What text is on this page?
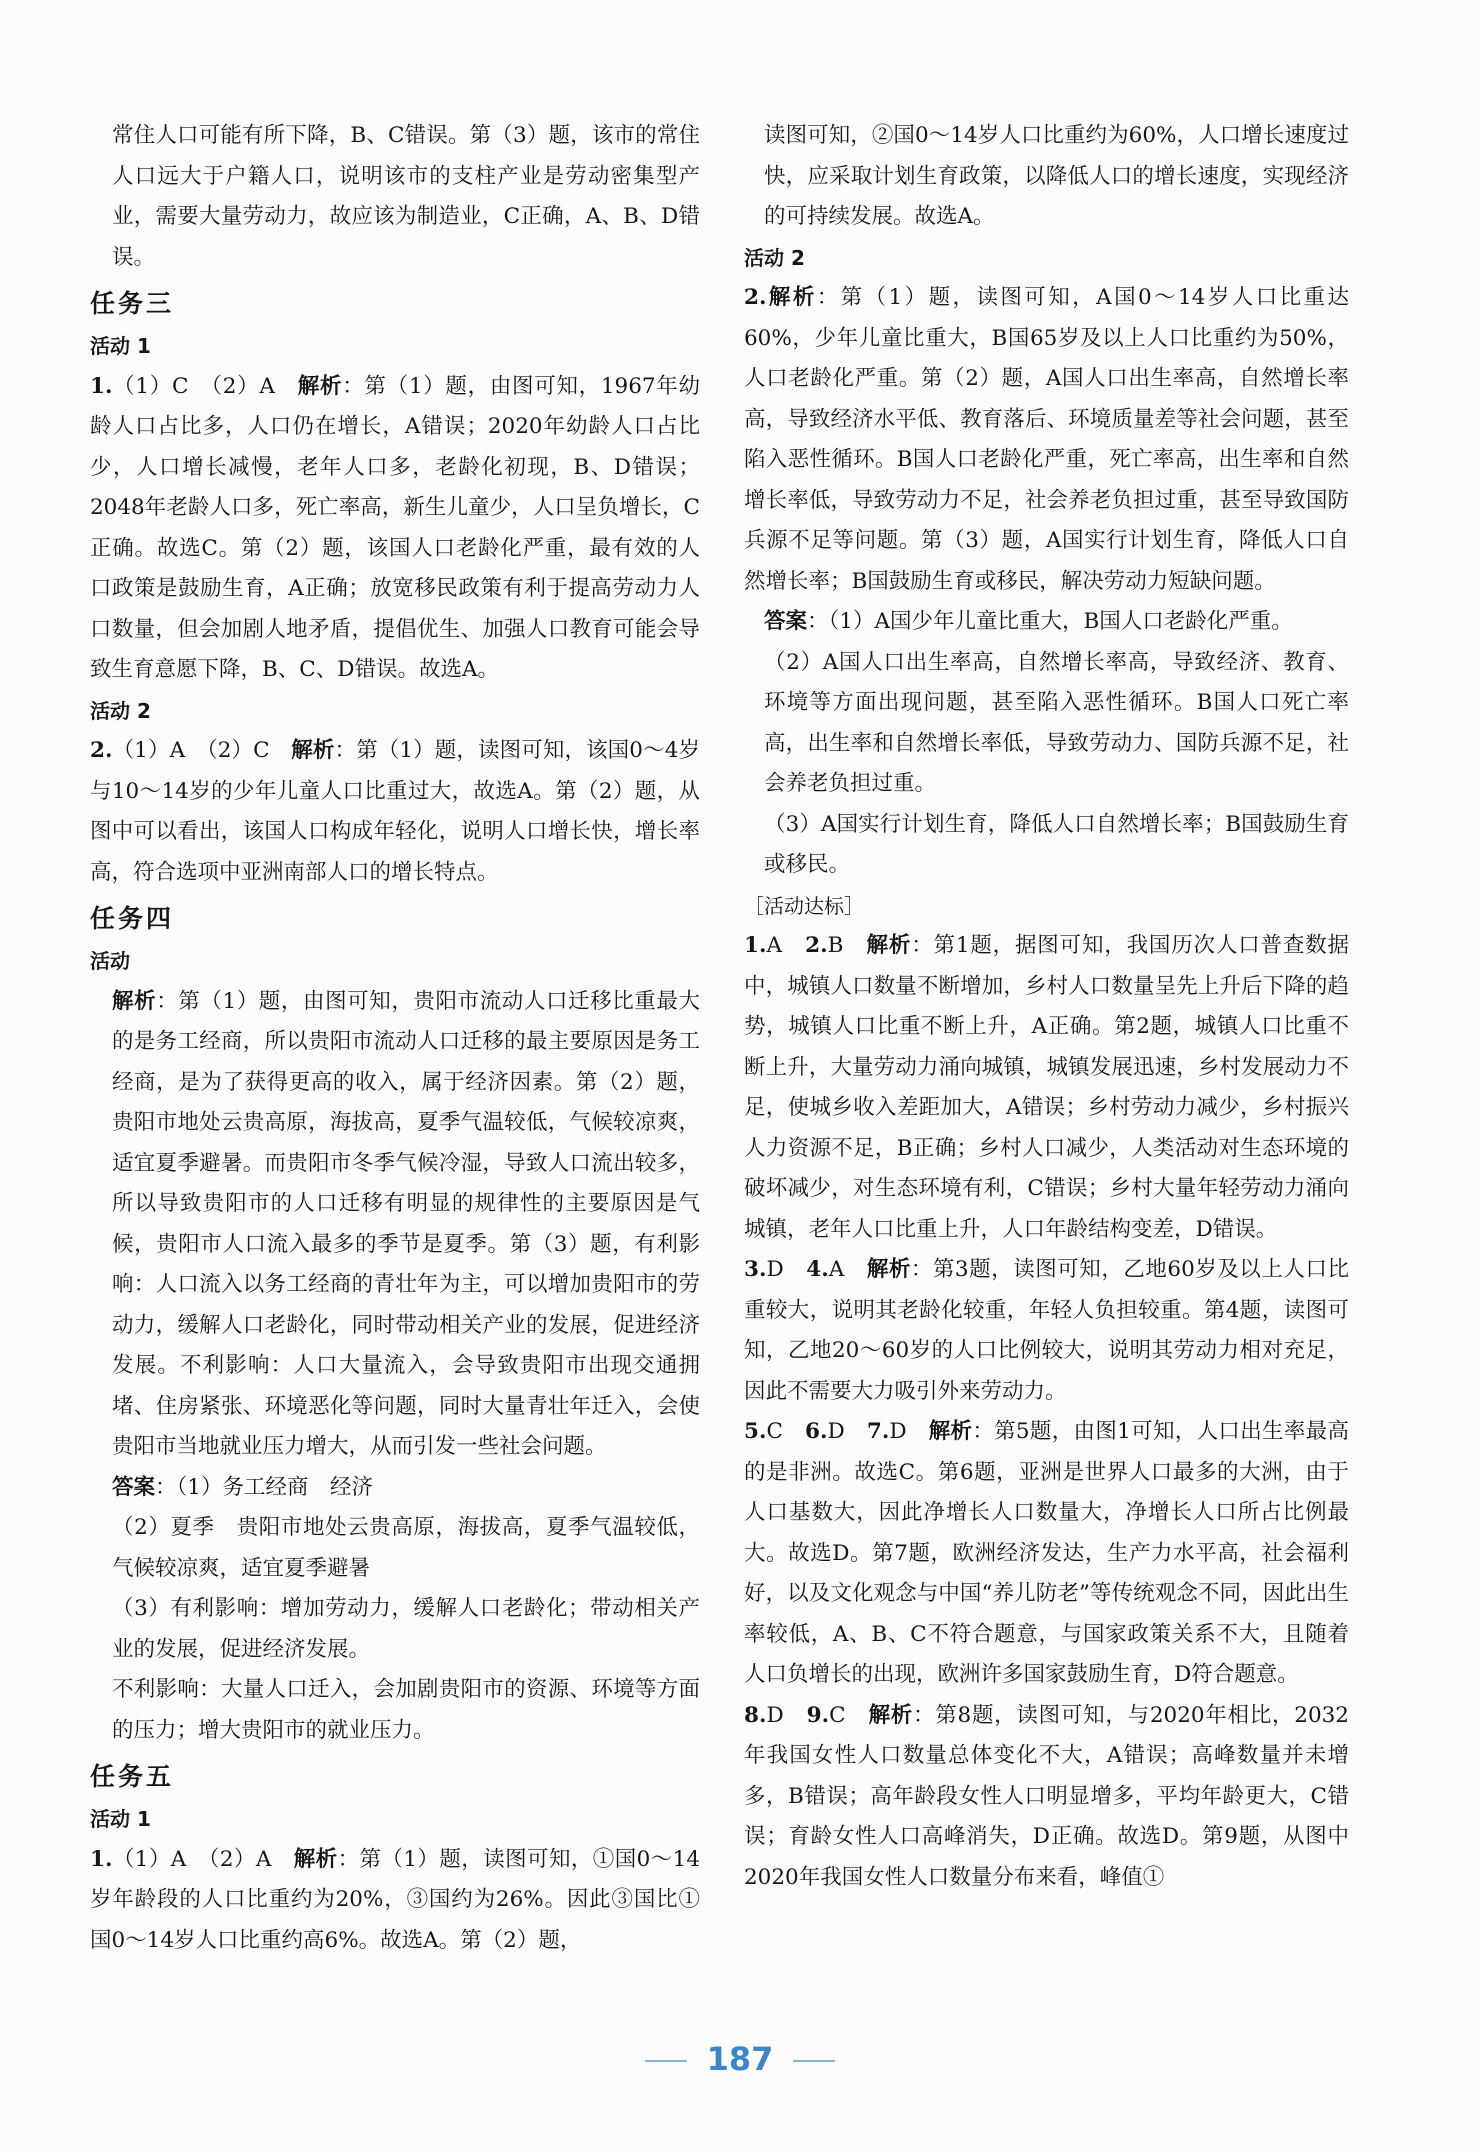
常住人口可能有所下降，B、C错误。第（3）题，该市的常住人口远大于户籍人口，说明该市的支柱产业是劳动密集型产业，需要大量劳动力，故应该为制造业，C正确，A、B、D错误。

任务三
活动 1

1.（1）C　（2）A　解析：第（1）题，由图可知，1967年幼龄人口占比多，人口仍在增长，A错误；2020年幼龄人口占比少，人口增长减慢，老年人口多，老龄化初现，B、D错误；2048年老龄人口多，死亡率高，新生儿童少，人口呈负增长，C正确。故选C。第（2）题，该国人口老龄化严重，最有效的人口政策是鼓励生育，A正确；放宽移民政策有利于提高劳动力人口数量，但会加剧人地矛盾，提倡优生、加强人口教育可能会导致生育意愿下降，B、C、D错误。故选A。

活动 2

2.（1）A　（2）C　解析：第（1）题，读图可知，该国0～4岁与10～14岁的少年儿童人口比重过大，故选A。第（2）题，从图中可以看出，该国人口构成年轻化，说明人口增长快，增长率高，符合选项中亚洲南部人口的增长特点。

任务四
活动

解析：第（1）题，由图可知，贵阳市流动人口迁移比重最大的是务工经商，所以贵阳市流动人口迁移的最主要原因是务工经商，是为了获得更高的收入，属于经济因素。第（2）题，贵阳市地处云贵高原，海拔高，夏季气温较低，气候较凉爽，适宜夏季避暑。而贵阳市冬季气候冷湿，导致人口流出较多，所以导致贵阳市的人口迁移有明显的规律性的主要原因是气候，贵阳市人口流入最多的季节是夏季。第（3）题，有利影响：人口流入以务工经商的青壮年为主，可以增加贵阳市的劳动力，缓解人口老龄化，同时带动相关产业的发展，促进经济发展。不利影响：人口大量流入，会导致贵阳市出现交通拥堵、住房紧张、环境恶化等问题，同时大量青壮年迁入，会使贵阳市当地就业压力增大，从而引发一些社会问题。

答案：（1）务工经商　经济

（2）夏季　贵阳市地处云贵高原，海拔高，夏季气温较低，气候较凉爽，适宜夏季避暑

（3）有利影响：增加劳动力，缓解人口老龄化；带动相关产业的发展，促进经济发展。

不利影响：大量人口迁入，会加剧贵阳市的资源、环境等方面的压力；增大贵阳市的就业压力。

任务五
活动 1

1.（1）A　（2）A　解析：第（1）题，读图可知，①国0～14岁年龄段的人口比重约为20%，③国约为26%。因此③国比①国0～14岁人口比重约高6%。故选A。第（2）题，

读图可知，②国0～14岁人口比重约为60%，人口增长速度过快，应采取计划生育政策，以降低人口的增长速度，实现经济的可持续发展。故选A。

活动 2

2.解析：第（1）题，读图可知，A国0～14岁人口比重达60%，少年儿童比重大，B国65岁及以上人口比重约为50%，人口老龄化严重。第（2）题，A国人口出生率高，自然增长率高，导致经济水平低、教育落后、环境质量差等社会问题，甚至陷入恶性循环。B国人口老龄化严重，死亡率高，出生率和自然增长率低，导致劳动力不足，社会养老负担过重，甚至导致国防兵源不足等问题。第（3）题，A国实行计划生育，降低人口自然增长率；B国鼓励生育或移民，解决劳动力短缺问题。

答案：（1）A国少年儿童比重大，B国人口老龄化严重。

（2）A国人口出生率高，自然增长率高，导致经济、教育、环境等方面出现问题，甚至陷入恶性循环。B国人口死亡率高，出生率和自然增长率低，导致劳动力、国防兵源不足，社会养老负担过重。

（3）A国实行计划生育，降低人口自然增长率；B国鼓励生育或移民。

［活动达标］

1.A　2.B　解析：第1题，据图可知，我国历次人口普查数据中，城镇人口数量不断增加，乡村人口数量呈先上升后下降的趋势，城镇人口比重不断上升，A正确。第2题，城镇人口比重不断上升，大量劳动力涌向城镇，城镇发展迅速，乡村发展动力不足，使城乡收入差距加大，A错误；乡村劳动力减少，乡村振兴人力资源不足，B正确；乡村人口减少，人类活动对生态环境的破坏减少，对生态环境有利，C错误；乡村大量年轻劳动力涌向城镇，老年人口比重上升，人口年龄结构变差，D错误。

3.D　4.A　解析：第3题，读图可知，乙地60岁及以上人口比重较大，说明其老龄化较重，年轻人负担较重。第4题，读图可知，乙地20～60岁的人口比例较大，说明其劳动力相对充足，因此不需要大力吸引外来劳动力。

5.C　6.D　7.D　解析：第5题，由图1可知，人口出生率最高的是非洲。故选C。第6题，亚洲是世界人口最多的大洲，由于人口基数大，因此净增长人口数量大，净增长人口所占比例最大。故选D。第7题，欧洲经济发达，生产力水平高，社会福利好，以及文化观念与中国“养儿防老”等传统观念不同，因此出生率较低，A、B、C不符合题意，与国家政策关系不大，且随着人口负增长的出现，欧洲许多国家鼓励生育，D符合题意。

8.D　9.C　解析：第8题，读图可知，与2020年相比，2032年我国女性人口数量总体变化不大，A错误；高峰数量并未增多，B错误；高年龄段女性人口明显增多，平均年龄更大，C错误；育龄女性人口高峰消失，D正确。故选D。第9题，从图中2020年我国女性人口数量分布来看，峰值①

187
